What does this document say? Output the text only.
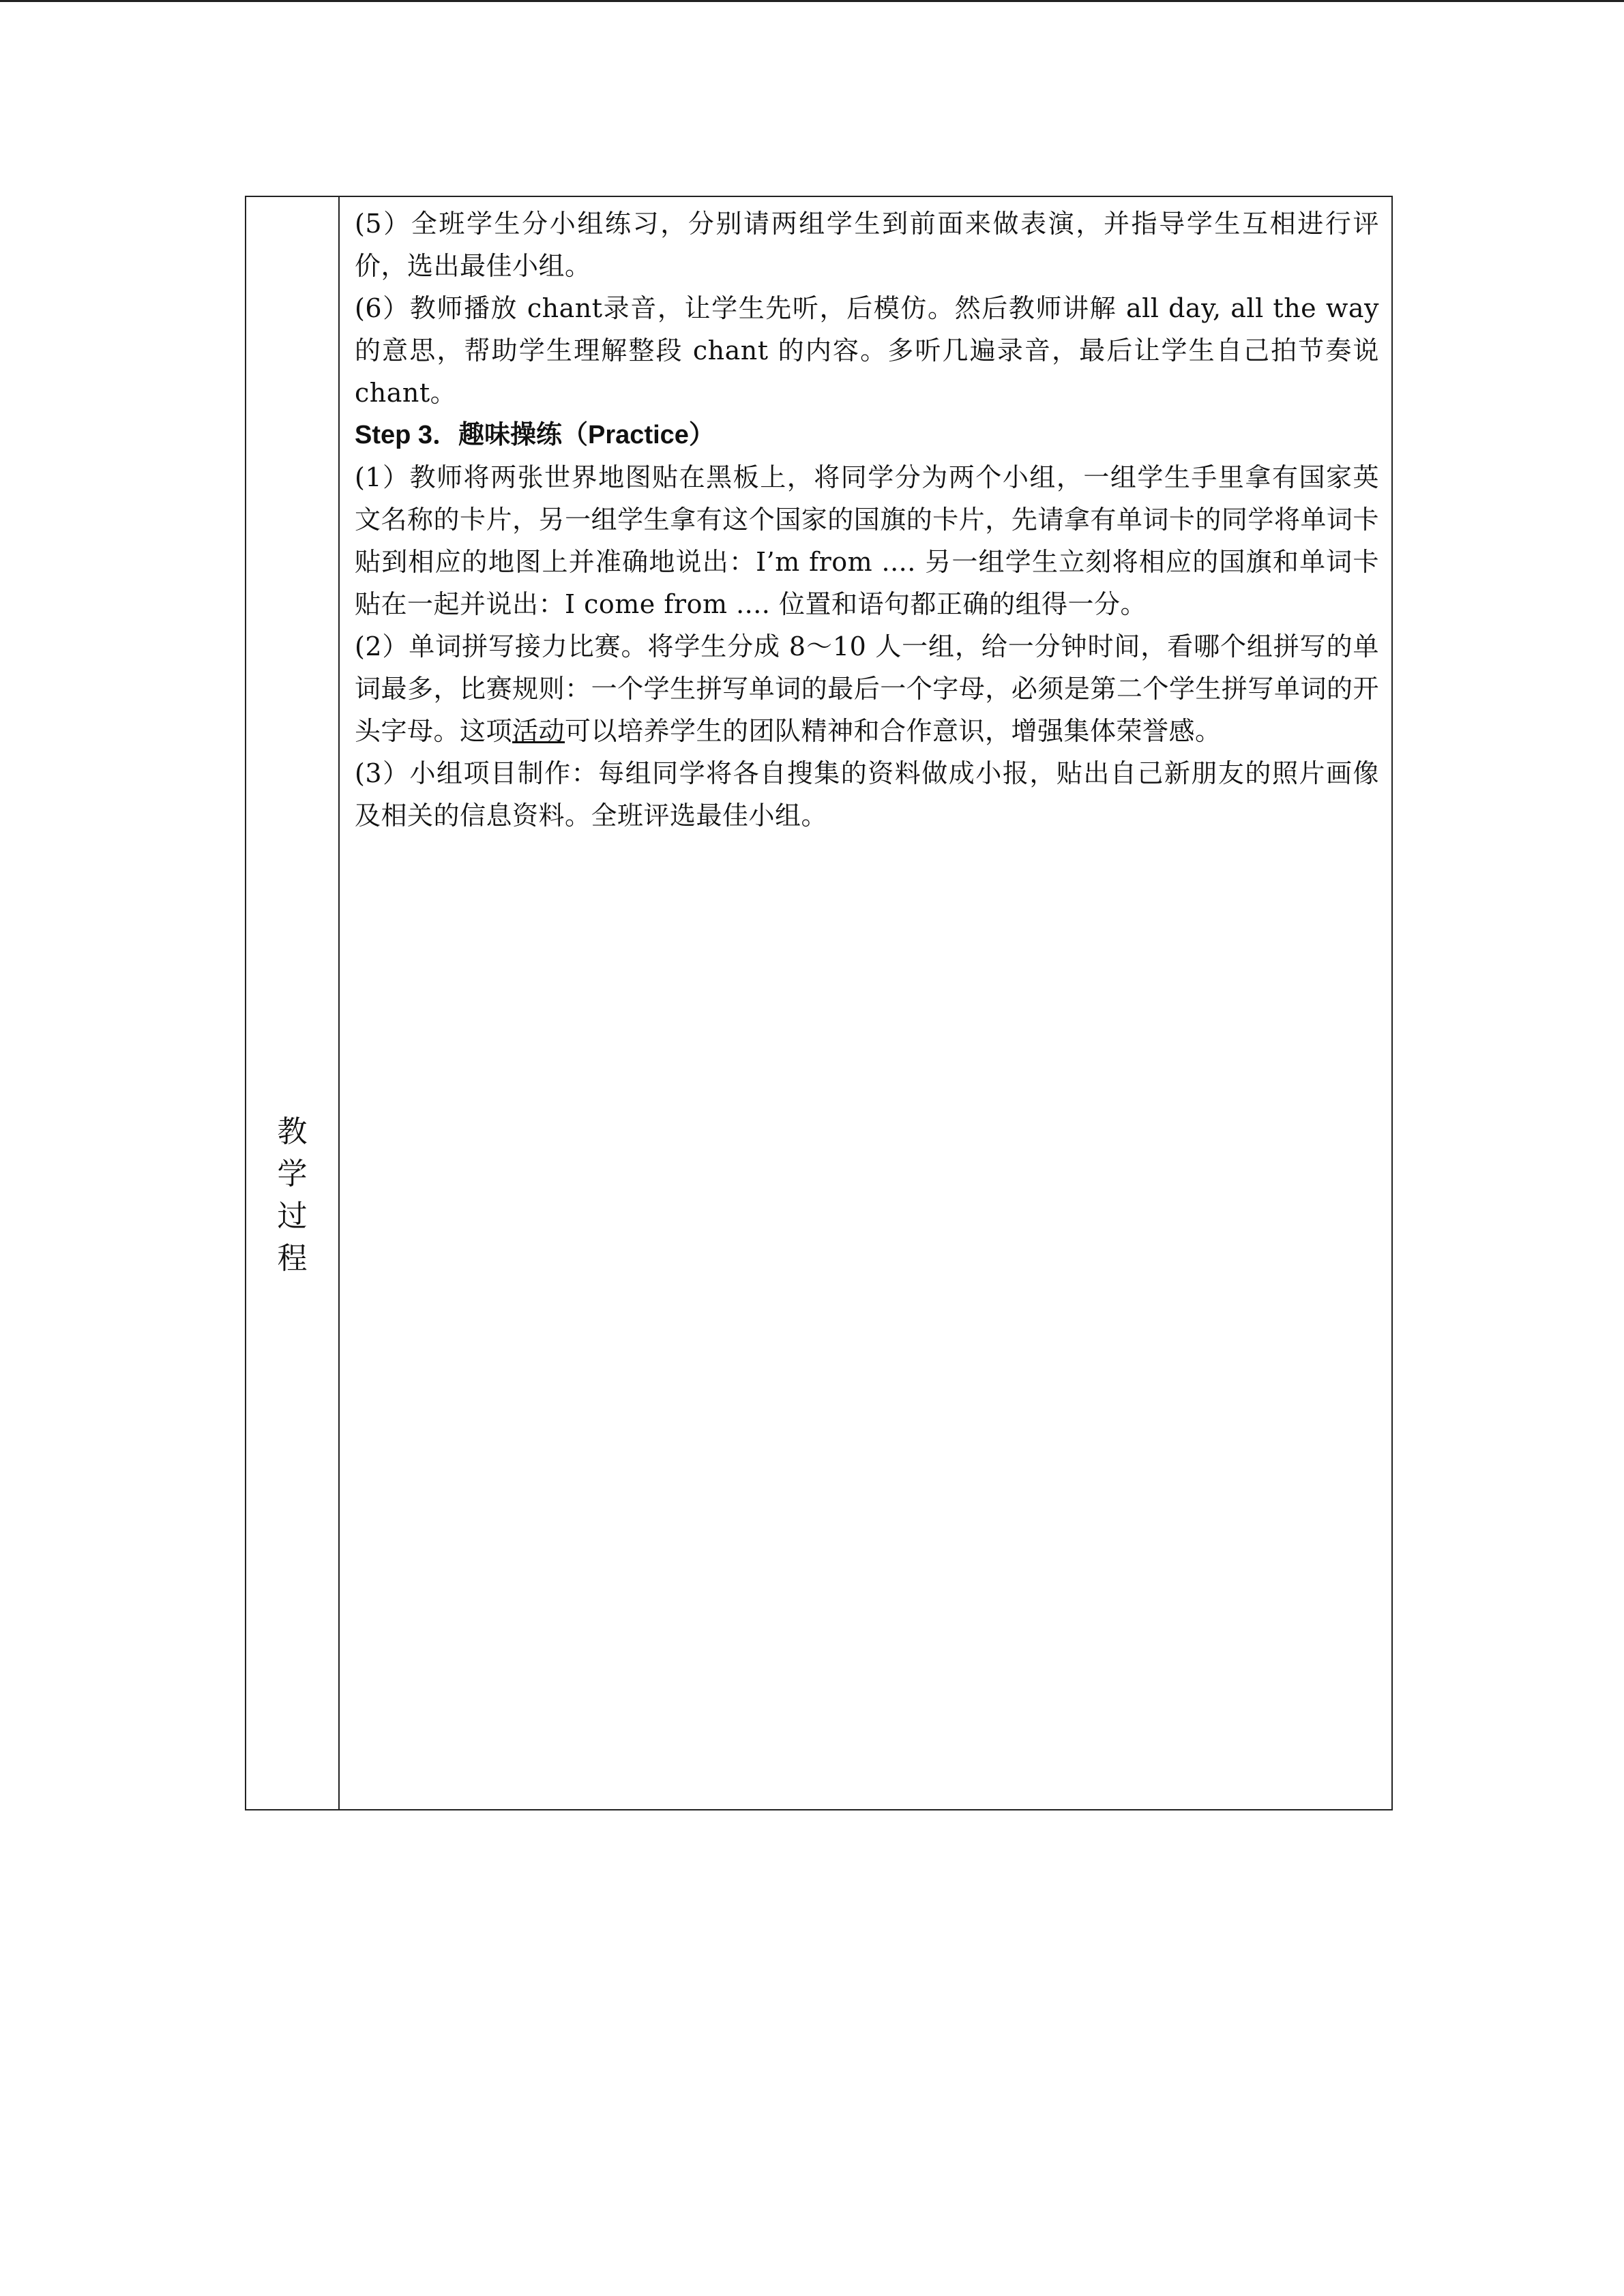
教
学
过
程

(5）全班学生分小组练习，分别请两组学生到前面来做表演，并指导学生互相进行评价，选出最佳小组。

(6）教师播放 chant录音，让学生先听，后模仿。然后教师讲解 all day, all the way 的意思，帮助学生理解整段 chant 的内容。多听几遍录音，最后让学生自己拍节奏说 chant。

Step 3．趣味操练（Practice）

(1）教师将两张世界地图贴在黑板上，将同学分为两个小组，一组学生手里拿有国家英文名称的卡片，另一组学生拿有这个国家的国旗的卡片，先请拿有单词卡的同学将单词卡贴到相应的地图上并准确地说出：I’m from .... 另一组学生立刻将相应的国旗和单词卡贴在一起并说出：I come from .... 位置和语句都正确的组得一分。

(2）单词拼写接力比赛。将学生分成 8～10 人一组，给一分钟时间，看哪个组拼写的单词最多，比赛规则：一个学生拼写单词的最后一个字母，必须是第二个学生拼写单词的开头字母。这项活动可以培养学生的团队精神和合作意识，增强集体荣誉感。

(3）小组项目制作：每组同学将各自搜集的资料做成小报，贴出自己新朋友的照片画像及相关的信息资料。全班评选最佳小组。
